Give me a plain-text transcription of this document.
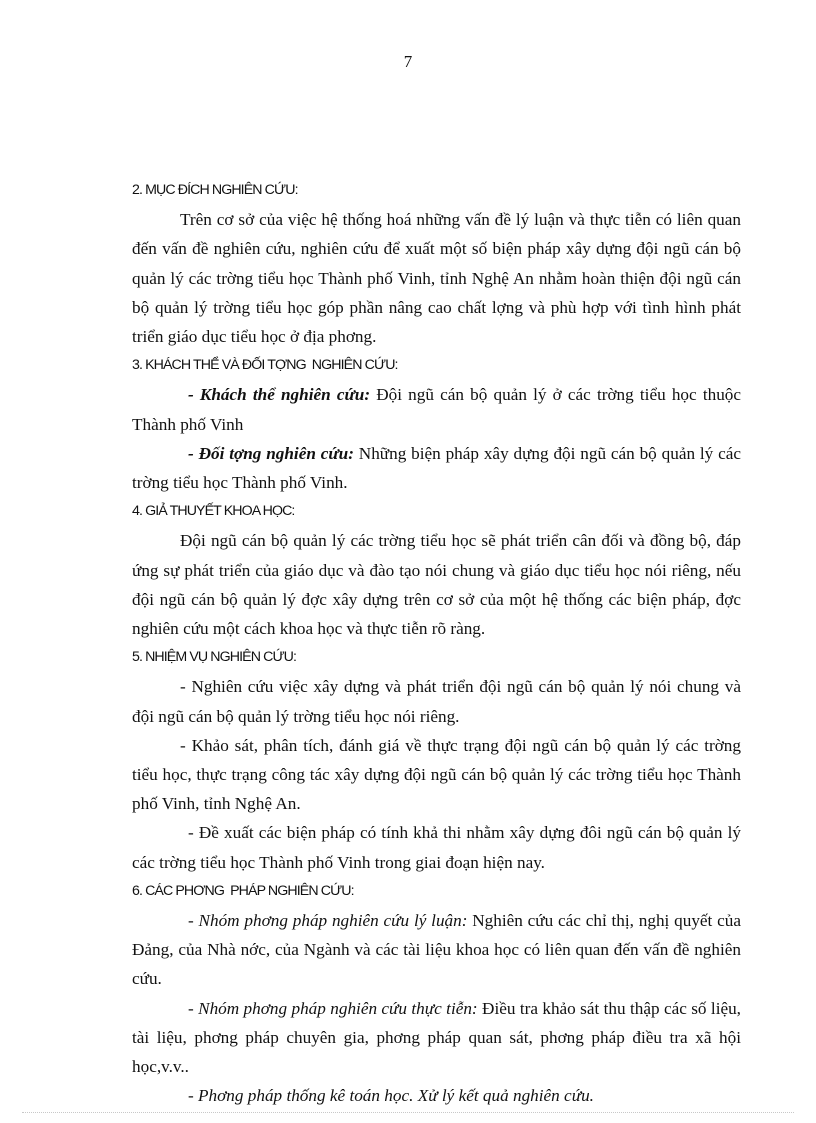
7
2. MỤC ĐÍCH NGHIÊN CỨU:

Trên cơ sở của việc hệ thống hoá những vấn đề lý luận và thực tiễn có liên quan đến vấn đề nghiên cứu, nghiên cứu để xuất một số biện pháp xây dựng đội ngũ cán bộ quản lý các trờng tiểu học Thành phố Vinh, tỉnh Nghệ An nhằm hoàn thiện đội ngũ cán bộ quản lý trờng tiểu học góp phần nâng cao chất lợng và phù hợp với tình hình phát triển giáo dục tiểu học ở địa phơng.

3. KHÁCH THỂ VÀ ĐỐI TỢNG  NGHIÊN CỨU:

- Khách thể nghiên cứu: Đội ngũ cán bộ quản lý ở các trờng tiểu học thuộc Thành phố Vinh

- Đối tợng nghiên cứu: Những biện pháp xây dựng đội ngũ cán bộ quản lý các trờng tiểu học Thành phố Vinh.

4. GIẢ THUYẾT KHOA HỌC:

Đội ngũ cán bộ quản lý các trờng tiểu học sẽ phát triển cân đối và đồng bộ, đáp ứng sự phát triển của giáo dục và đào tạo nói chung và giáo dục tiểu học nói riêng, nếu đội ngũ cán bộ quản lý đợc xây dựng trên cơ sở của một hệ thống các biện pháp, đợc nghiên cứu một cách khoa học và thực tiễn rõ ràng.

5. NHIỆM VỤ NGHIÊN CỨU:

- Nghiên cứu việc xây dựng và phát triển đội ngũ cán bộ quản lý nói chung và đội ngũ cán bộ quản lý trờng tiểu học nói riêng.

- Khảo sát, phân tích, đánh giá về thực trạng đội ngũ cán bộ quản lý các trờng tiểu học, thực trạng công tác xây dựng đội ngũ cán bộ quản lý các trờng tiểu học Thành phố Vinh, tỉnh Nghệ An.

- Đề xuất các biện pháp có tính khả thi nhằm xây dựng đôi ngũ cán bộ quản lý các trờng tiểu học Thành phố Vinh trong giai đoạn hiện nay.

6. CÁC PHƠNG  PHÁP NGHIÊN CỨU:

- Nhóm phơng pháp nghiên cứu lý luận: Nghiên cứu các chỉ thị, nghị quyết của Đảng, của Nhà nớc, của Ngành và các tài liệu khoa học có liên quan đến vấn đề nghiên cứu.

- Nhóm phơng pháp nghiên cứu thực tiễn: Điều tra khảo sát thu thập các số liệu, tài liệu, phơng pháp chuyên gia, phơng pháp quan sát, phơng pháp điều tra xã hội học,v.v..

- Phơng pháp thống kê toán học. Xử lý kết quả nghiên cứu.
